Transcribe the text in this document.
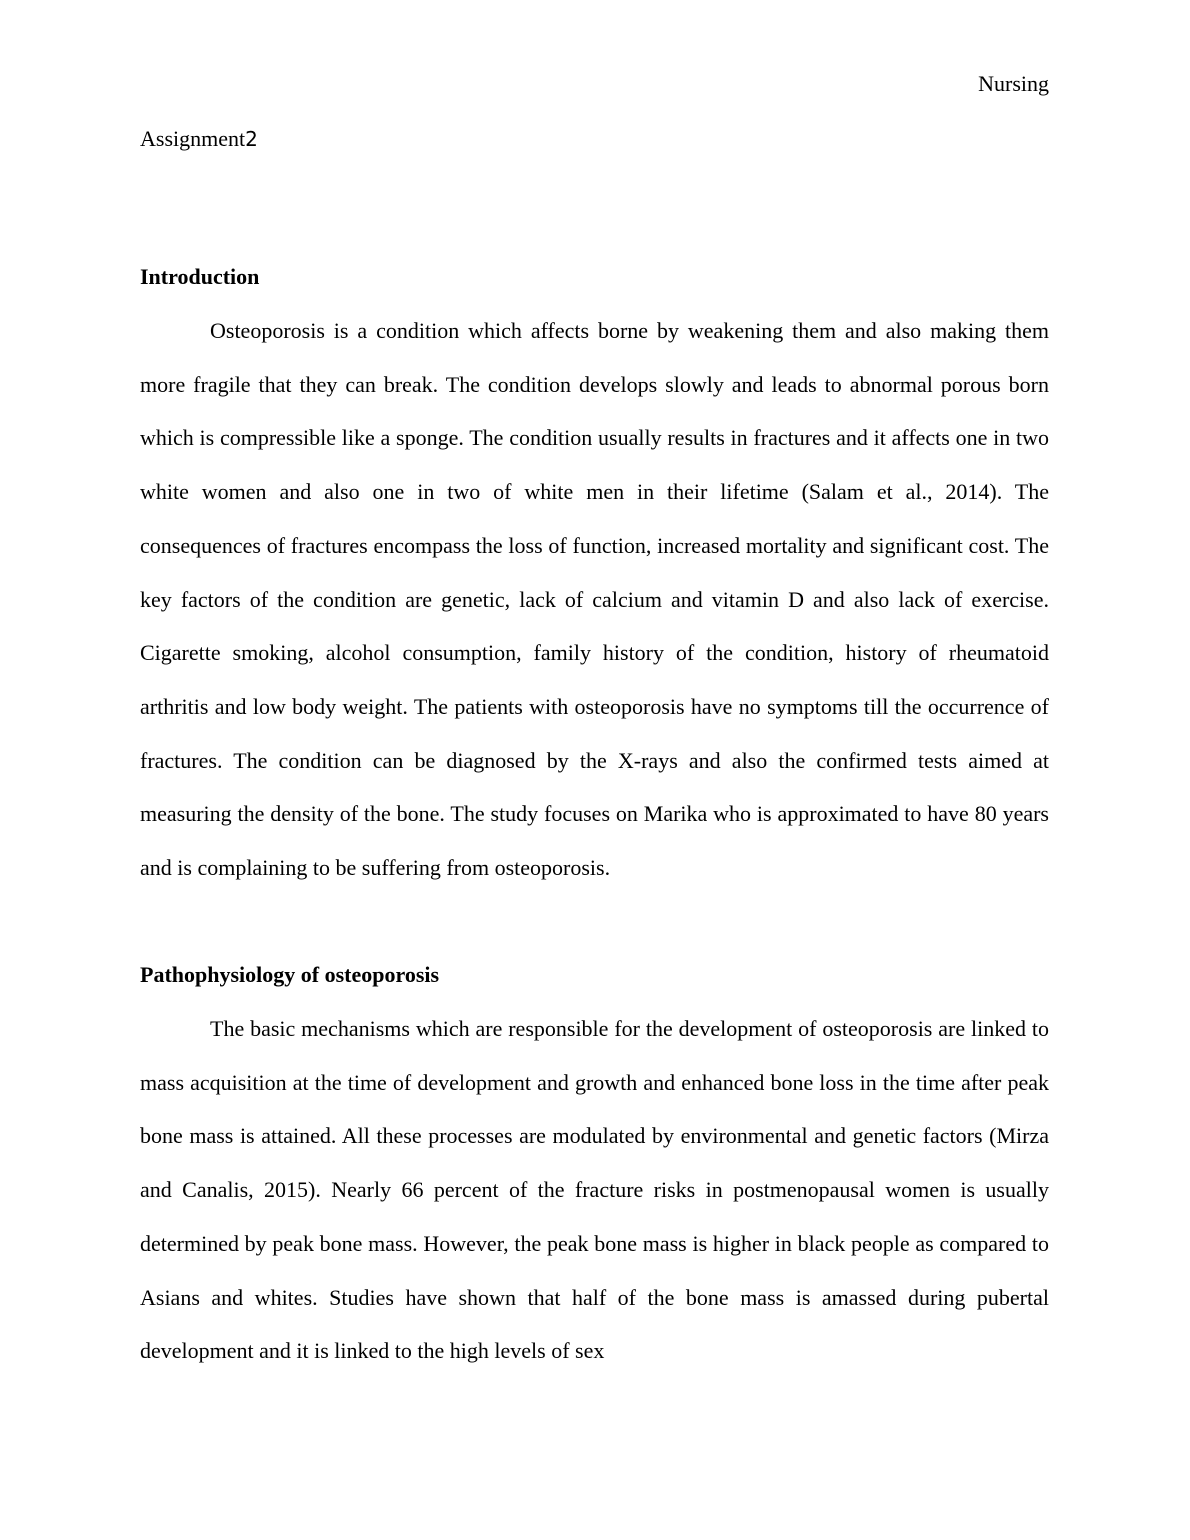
Nursing
Assignment2
Introduction

Osteoporosis is a condition which affects borne by weakening them and also making them more fragile that they can break. The condition develops slowly and leads to abnormal porous born which is compressible like a sponge. The condition usually results in fractures and it affects one in two white women and also one in two of white men in their lifetime (Salam et al., 2014). The consequences of fractures encompass the loss of function, increased mortality and significant cost. The key factors of the condition are genetic, lack of calcium and vitamin D and also lack of exercise. Cigarette smoking, alcohol consumption, family history of the condition, history of rheumatoid arthritis and low body weight. The patients with osteoporosis have no symptoms till the occurrence of fractures. The condition can be diagnosed by the X-rays and also the confirmed tests aimed at measuring the density of the bone. The study focuses on Marika who is approximated to have 80 years and is complaining to be suffering from osteoporosis.

Pathophysiology of osteoporosis

The basic mechanisms which are responsible for the development of osteoporosis are linked to mass acquisition at the time of development and growth and enhanced bone loss in the time after peak bone mass is attained. All these processes are modulated by environmental and genetic factors (Mirza and Canalis, 2015). Nearly 66 percent of the fracture risks in postmenopausal women is usually determined by peak bone mass. However, the peak bone mass is higher in black people as compared to Asians and whites. Studies have shown that half of the bone mass is amassed during pubertal development and it is linked to the high levels of sex
